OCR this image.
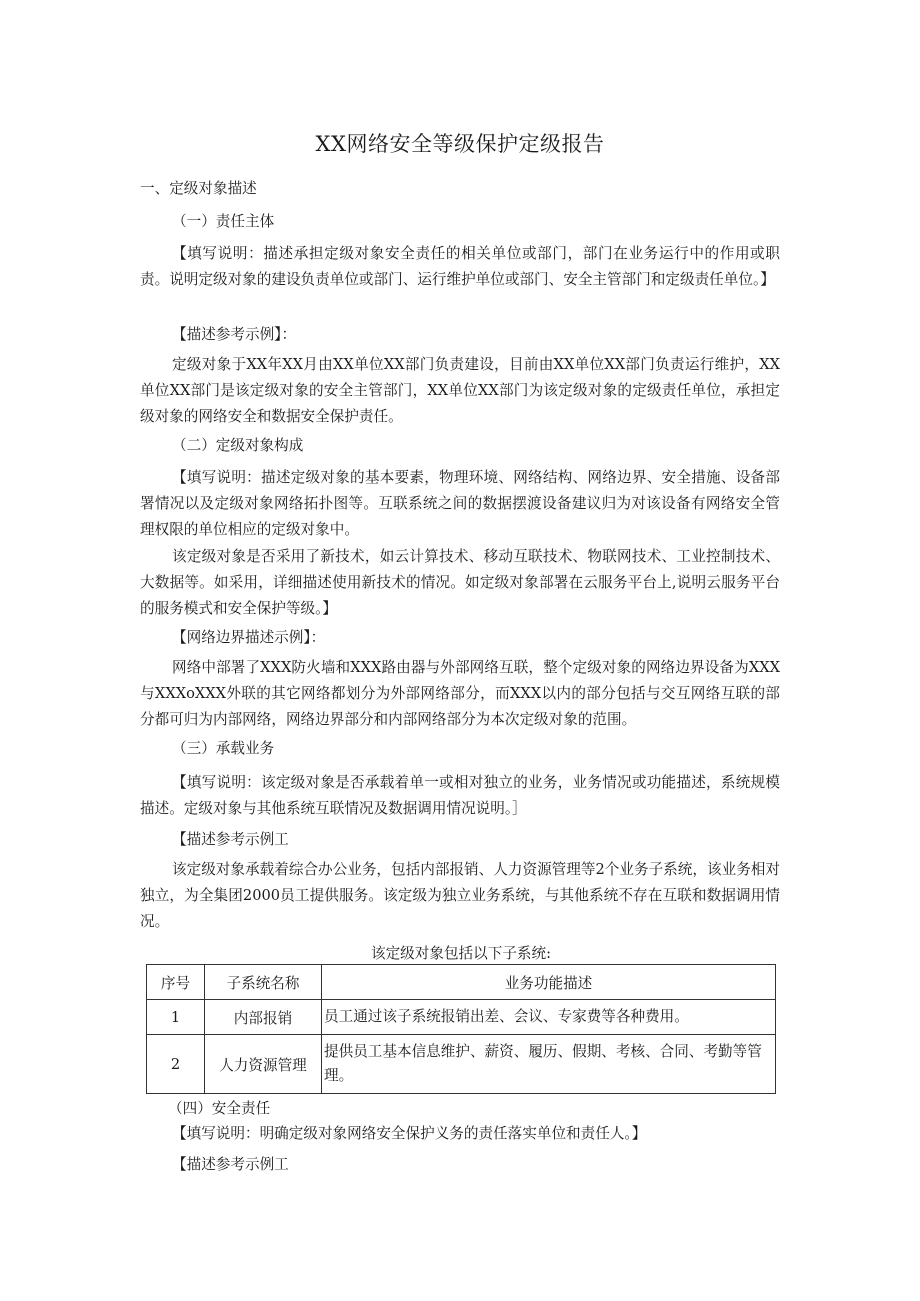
XX网络安全等级保护定级报告

一、定级对象描述

（一）责任主体

【填写说明：描述承担定级对象安全责任的相关单位或部门，部门在业务运行中的作用或职责。说明定级对象的建设负责单位或部门、运行维护单位或部门、安全主管部门和定级责任单位。】

【描述参考示例】：

定级对象于XX年XX月由XX单位XX部门负责建设，目前由XX单位XX部门负责运行维护，XX单位XX部门是该定级对象的安全主管部门，XX单位XX部门为该定级对象的定级责任单位，承担定级对象的网络安全和数据安全保护责任。

（二）定级对象构成

【填写说明：描述定级对象的基本要素，物理环境、网络结构、网络边界、安全措施、设备部署情况以及定级对象网络拓扑图等。互联系统之间的数据摆渡设备建议归为对该设备有网络安全管理权限的单位相应的定级对象中。

该定级对象是否采用了新技术，如云计算技术、移动互联技术、物联网技术、工业控制技术、大数据等。如采用，详细描述使用新技术的情况。如定级对象部署在云服务平台上,说明云服务平台的服务模式和安全保护等级。】

【网络边界描述示例】：

网络中部署了XXX防火墙和XXX路由器与外部网络互联，整个定级对象的网络边界设备为XXX与XXXoXXX外联的其它网络都划分为外部网络部分，而XXX以内的部分包括与交互网络互联的部分都可归为内部网络，网络边界部分和内部网络部分为本次定级对象的范围。

（三）承载业务

【填写说明：该定级对象是否承载着单一或相对独立的业务，业务情况或功能描述，系统规模描述。定级对象与其他系统互联情况及数据调用情况说明。］

【描述参考示例工

该定级对象承载着综合办公业务，包括内部报销、人力资源管理等2个业务子系统，该业务相对独立，为全集团2000员工提供服务。该定级为独立业务系统，与其他系统不存在互联和数据调用情况。

该定级对象包括以下子系统:
序号	子系统名称	业务功能描述
1	内部报销	员工通过该子系统报销出差、会议、专家费等各种费用。
2	人力资源管理	提供员工基本信息维护、薪资、履历、假期、考核、合同、考勤等管理。

（四）安全责任

【填写说明：明确定级对象网络安全保护义务的责任落实单位和责任人。】

【描述参考示例工
